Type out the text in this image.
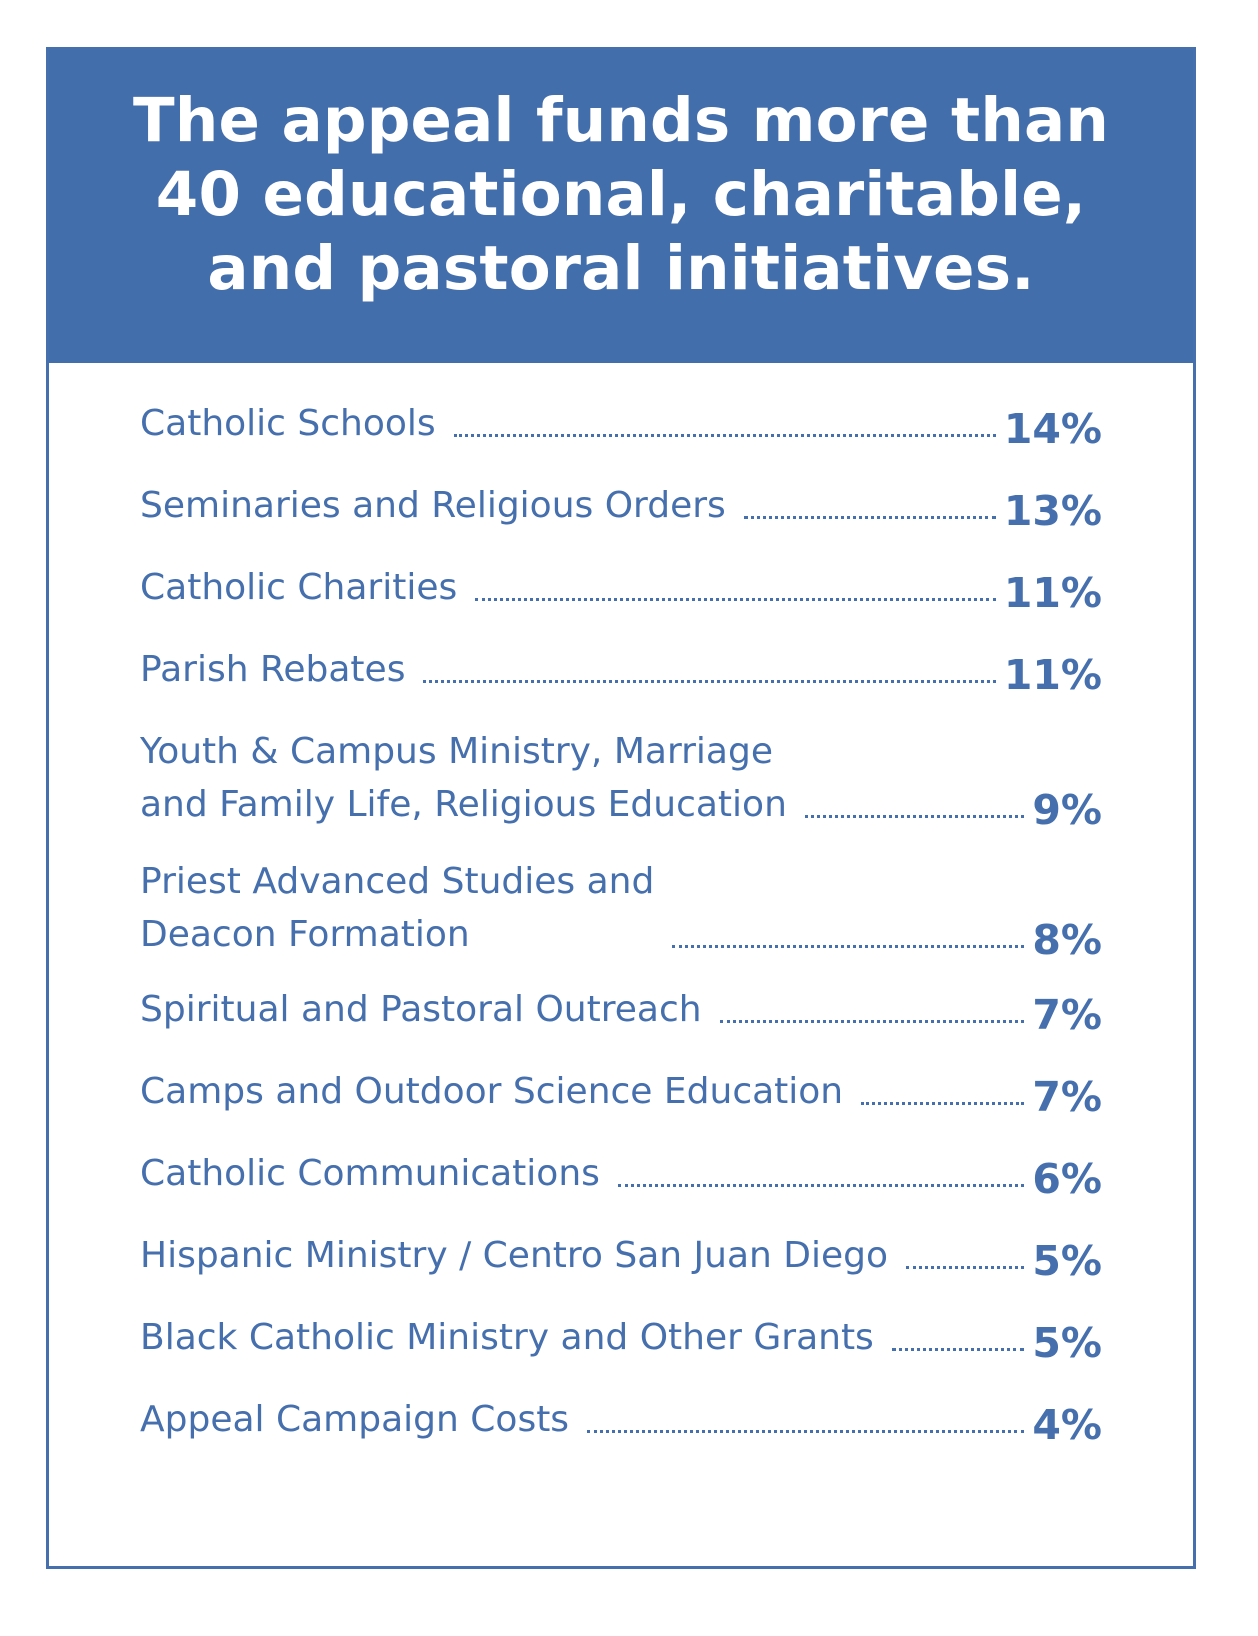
The appeal funds more than 40 educational, charitable, and pastoral initiatives.
Catholic Schools	14%
Seminaries and Religious Orders	13%
Catholic Charities	11%
Parish Rebates	11%
Youth & Campus Ministry, Marriage
and Family Life, Religious Education	9%
Priest Advanced Studies and
Deacon Formation	8%
Spiritual and Pastoral Outreach	7%
Camps and Outdoor Science Education	7%
Catholic Communications	6%
Hispanic Ministry / Centro San Juan Diego	5%
Black Catholic Ministry and Other Grants	5%
Appeal Campaign Costs	4%
